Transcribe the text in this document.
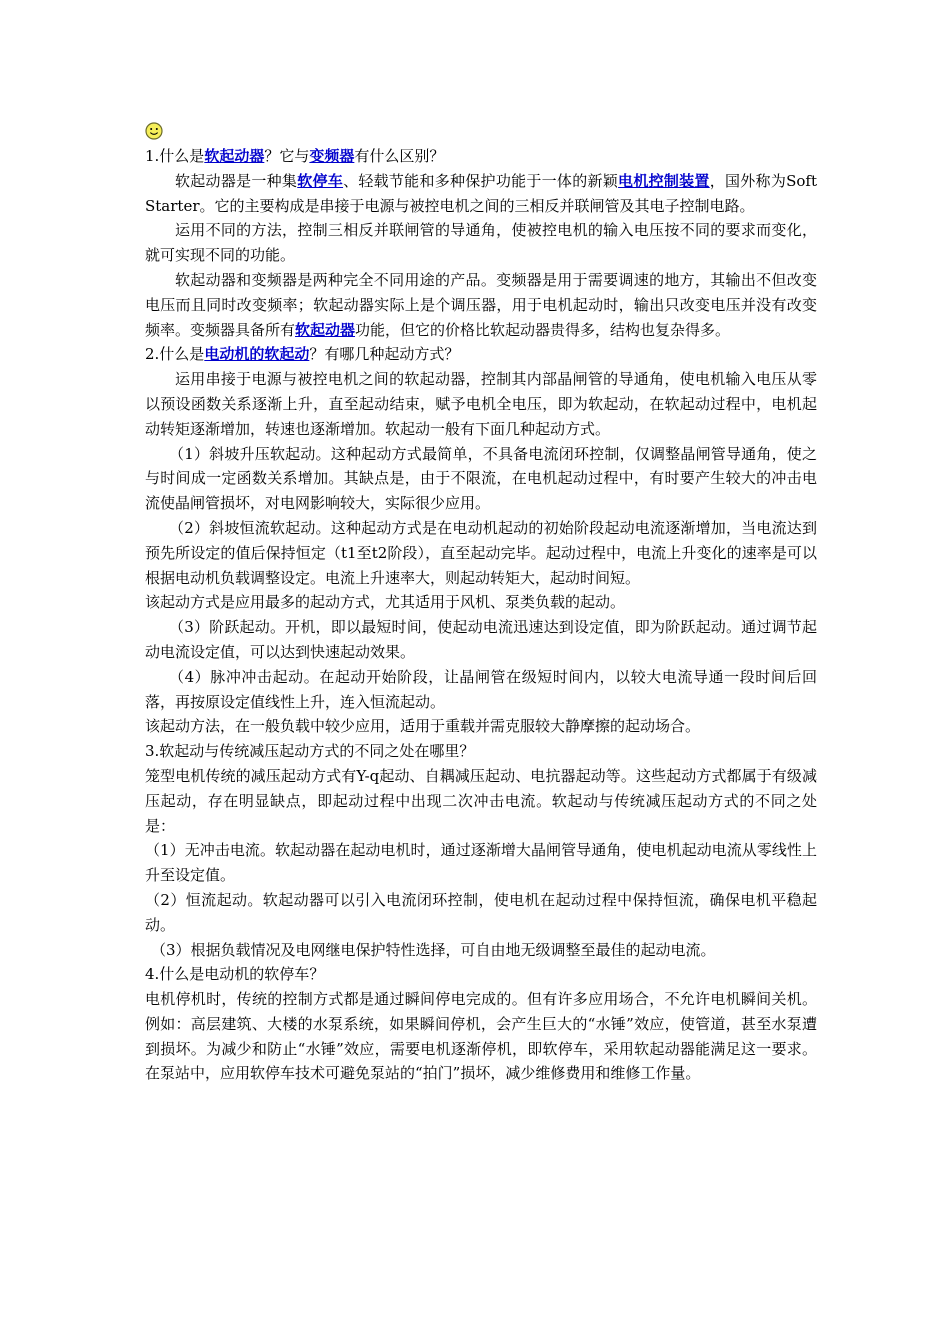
1.什么是软起动器？它与变频器有什么区别？

软起动器是一种集软停车、轻载节能和多种保护功能于一体的新颖电机控制装置，国外称为Soft Starter。它的主要构成是串接于电源与被控电机之间的三相反并联闸管及其电子控制电路。

运用不同的方法，控制三相反并联闸管的导通角，使被控电机的输入电压按不同的要求而变化，就可实现不同的功能。

软起动器和变频器是两种完全不同用途的产品。变频器是用于需要调速的地方，其输出不但改变电压而且同时改变频率；软起动器实际上是个调压器，用于电机起动时，输出只改变电压并没有改变频率。变频器具备所有软起动器功能，但它的价格比软起动器贵得多，结构也复杂得多。

2.什么是电动机的软起动？有哪几种起动方式？

运用串接于电源与被控电机之间的软起动器，控制其内部晶闸管的导通角，使电机输入电压从零以预设函数关系逐渐上升，直至起动结束，赋予电机全电压，即为软起动，在软起动过程中，电机起动转矩逐渐增加，转速也逐渐增加。软起动一般有下面几种起动方式。

（1）斜坡升压软起动。这种起动方式最简单，不具备电流闭环控制，仅调整晶闸管导通角，使之与时间成一定函数关系增加。其缺点是，由于不限流，在电机起动过程中，有时要产生较大的冲击电流使晶闸管损坏，对电网影响较大，实际很少应用。

（2）斜坡恒流软起动。这种起动方式是在电动机起动的初始阶段起动电流逐渐增加，当电流达到预先所设定的值后保持恒定（t1至t2阶段），直至起动完毕。起动过程中，电流上升变化的速率是可以根据电动机负载调整设定。电流上升速率大，则起动转矩大，起动时间短。

该起动方式是应用最多的起动方式，尤其适用于风机、泵类负载的起动。

（3）阶跃起动。开机，即以最短时间，使起动电流迅速达到设定值，即为阶跃起动。通过调节起动电流设定值，可以达到快速起动效果。

（4）脉冲冲击起动。在起动开始阶段，让晶闸管在级短时间内，以较大电流导通一段时间后回落，再按原设定值线性上升，连入恒流起动。

该起动方法，在一般负载中较少应用，适用于重载并需克服较大静摩擦的起动场合。

3.软起动与传统减压起动方式的不同之处在哪里？

笼型电机传统的减压起动方式有Y-q起动、自耦减压起动、电抗器起动等。这些起动方式都属于有级减压起动，存在明显缺点，即起动过程中出现二次冲击电流。软起动与传统减压起动方式的不同之处是：

（1）无冲击电流。软起动器在起动电机时，通过逐渐增大晶闸管导通角，使电机起动电流从零线性上升至设定值。

（2）恒流起动。软起动器可以引入电流闭环控制，使电机在起动过程中保持恒流，确保电机平稳起动。

（3）根据负载情况及电网继电保护特性选择，可自由地无级调整至最佳的起动电流。

4.什么是电动机的软停车？

电机停机时，传统的控制方式都是通过瞬间停电完成的。但有许多应用场合，不允许电机瞬间关机。例如：高层建筑、大楼的水泵系统，如果瞬间停机，会产生巨大的“水锤”效应，使管道，甚至水泵遭到损坏。为减少和防止“水锤”效应，需要电机逐渐停机，即软停车，采用软起动器能满足这一要求。在泵站中，应用软停车技术可避免泵站的“拍门”损坏，减少维修费用和维修工作量。
